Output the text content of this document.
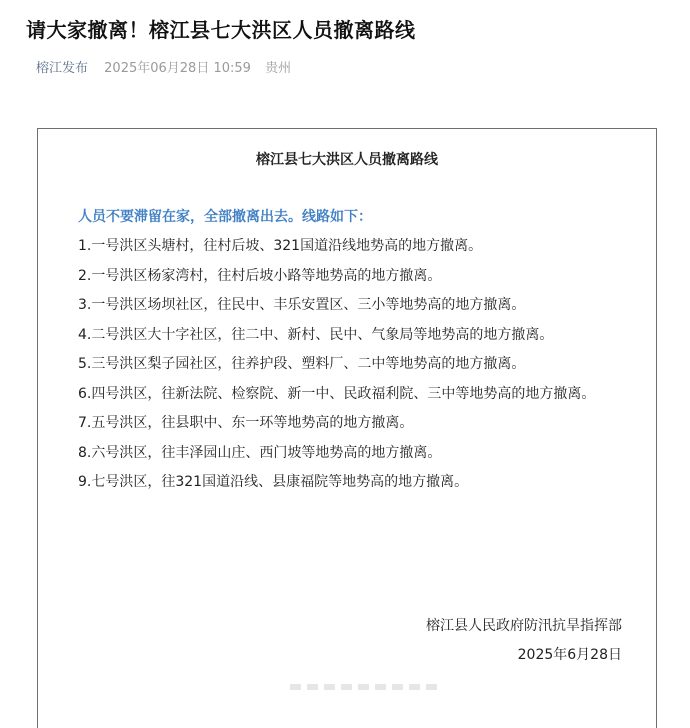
请大家撤离！榕江县七大洪区人员撤离路线
榕江发布 2025年06月28日 10:59 贵州
榕江县七大洪区人员撤离路线
人员不要滞留在家，全部撤离出去。线路如下：
1.一号洪区头塘村，往村后坡、321国道沿线地势高的地方撤离。
2.一号洪区杨家湾村，往村后坡小路等地势高的地方撤离。
3.一号洪区场坝社区，往民中、丰乐安置区、三小等地势高的地方撤离。
4.二号洪区大十字社区，往二中、新村、民中、气象局等地势高的地方撤离。
5.三号洪区梨子园社区，往养护段、塑料厂、二中等地势高的地方撤离。
6.四号洪区，往新法院、检察院、新一中、民政福利院、三中等地势高的地方撤离。
7.五号洪区，往县职中、东一环等地势高的地方撤离。
8.六号洪区，往丰泽园山庄、西门坡等地势高的地方撤离。
9.七号洪区，往321国道沿线、县康福院等地势高的地方撤离。
榕江县人民政府防汛抗旱指挥部
2025年6月28日
